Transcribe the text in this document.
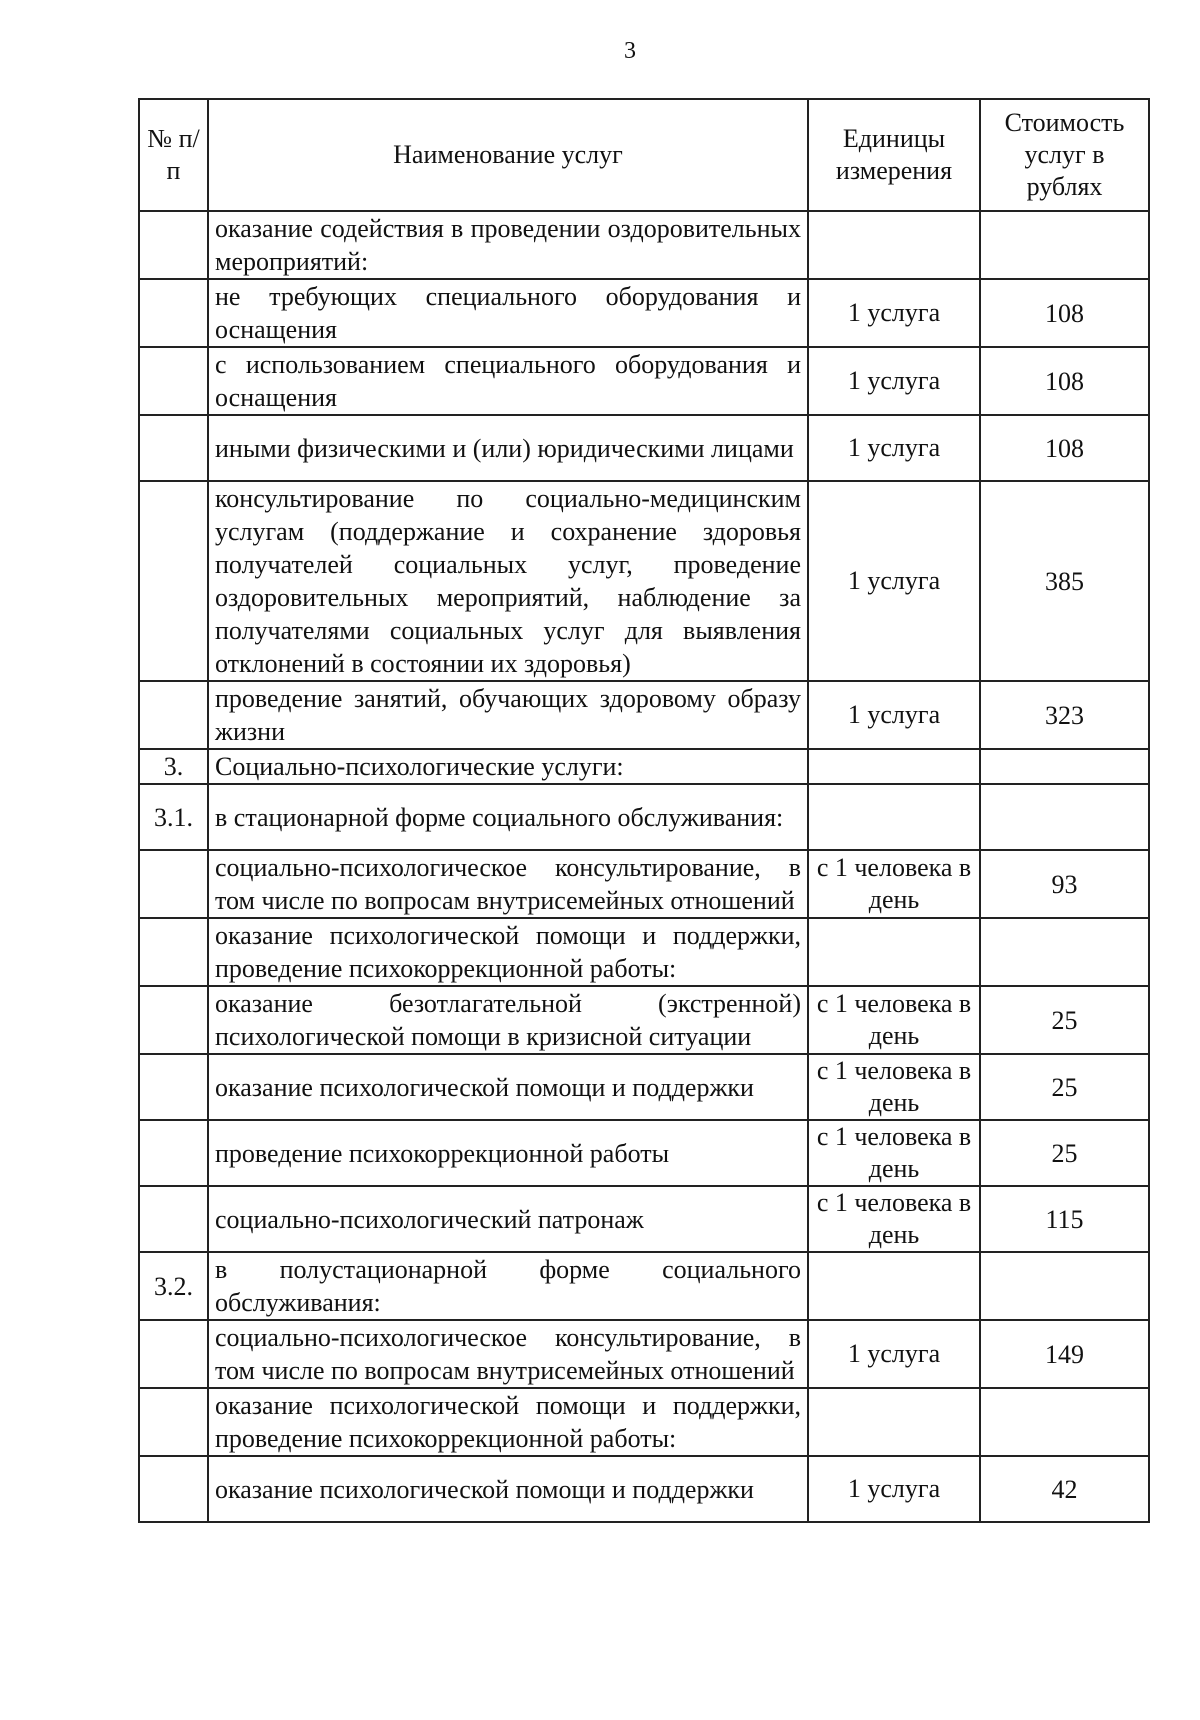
3
№ п/п	Наименование услуг	Единицы измерения	Стоимость услуг в рублях
	оказание содействия в проведении оздоровительных мероприятий:		
	не требующих специального оборудования и оснащения	1 услуга	108
	с использованием специального оборудования и оснащения	1 услуга	108
	иными физическими и (или) юридическими лицами	1 услуга	108
	консультирование по социально-медицинским услугам (поддержание и сохранение здоровья получателей социальных услуг, проведение оздоровительных мероприятий, наблюдение за получателями социальных услуг для выявления отклонений в состоянии их здоровья)	1 услуга	385
	проведение занятий, обучающих здоровому образу жизни	1 услуга	323
3.	Социально-психологические услуги:		
3.1.	в стационарной форме социального обслуживания:		
	социально-психологическое консультирование, в том числе по вопросам внутрисемейных отношений	с 1 человека в день	93
	оказание психологической помощи и поддержки, проведение психокоррекционной работы:		
	оказание безотлагательной (экстренной) психологической помощи в кризисной ситуации	с 1 человека в день	25
	оказание психологической помощи и поддержки	с 1 человека в день	25
	проведение психокоррекционной работы	с 1 человека в день	25
	социально-психологический патронаж	с 1 человека в день	115
3.2.	в полустационарной форме социального обслуживания:		
	социально-психологическое консультирование, в том числе по вопросам внутрисемейных отношений	1 услуга	149
	оказание психологической помощи и поддержки, проведение психокоррекционной работы:		
	оказание психологической помощи и поддержки	1 услуга	42
